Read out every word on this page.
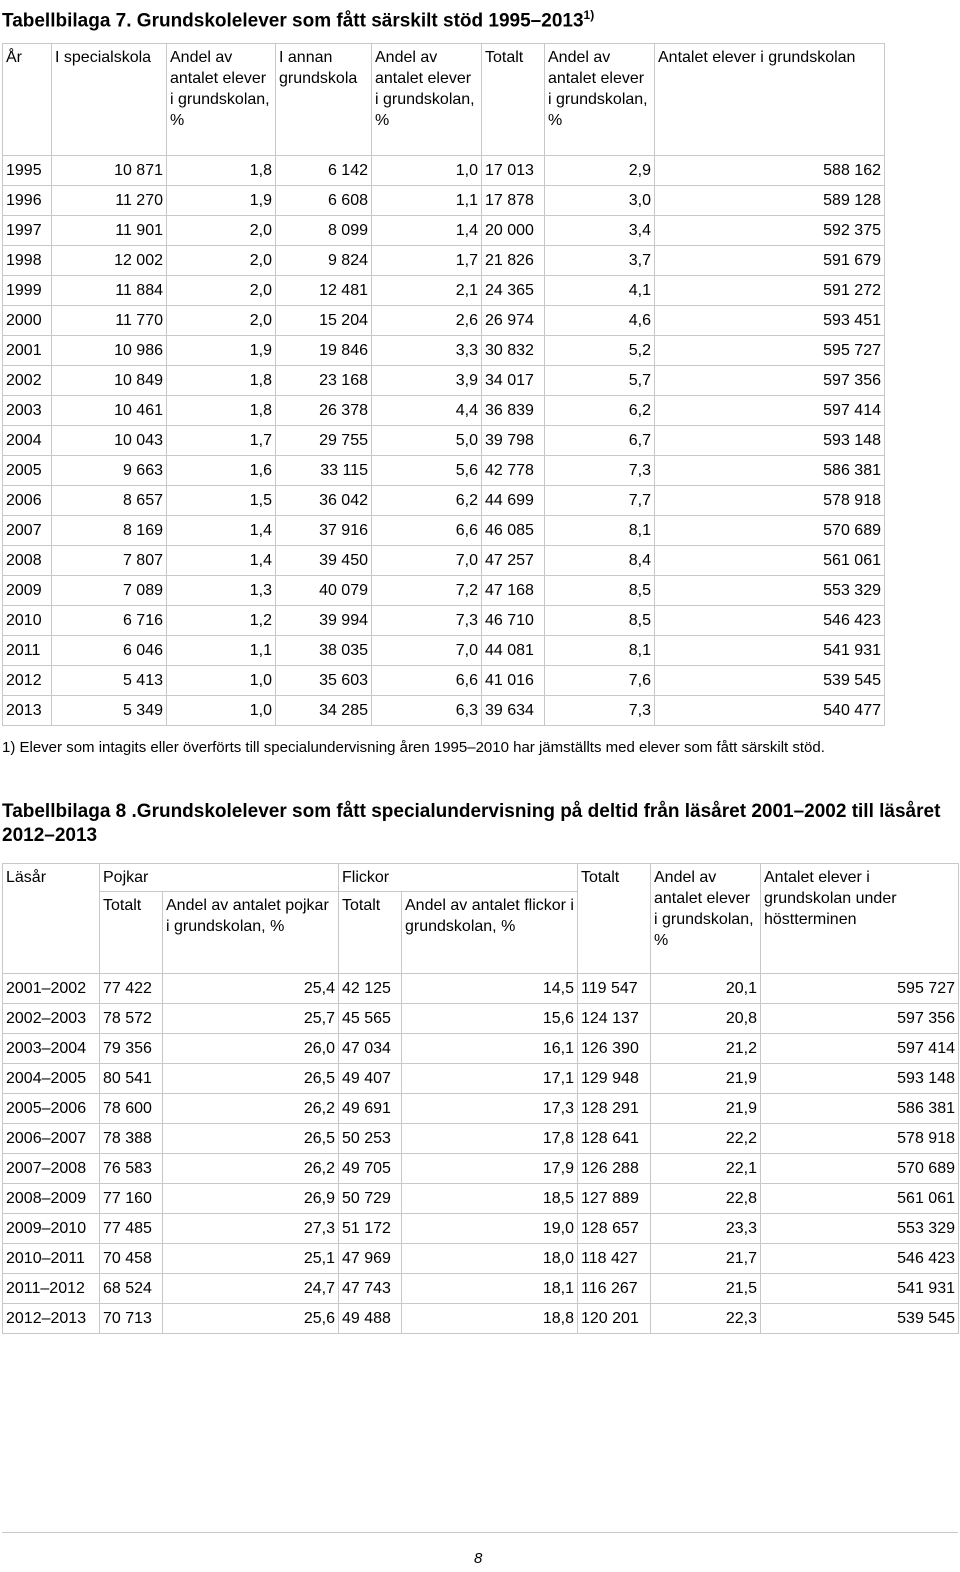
Tabellbilaga 7. Grundskolelever som fått särskilt stöd 1995–2013$^{1)}$
År	I specialskola	Andel av antalet elever i grundskolan, %	I annan grundskola	Andel av antalet elever i grundskolan, %	Totalt	Andel av antalet elever i grundskolan, %	Antalet elever i grundskolan
1995	10 871	1,8	6 142	1,0	17 013	2,9	588 162
1996	11 270	1,9	6 608	1,1	17 878	3,0	589 128
1997	11 901	2,0	8 099	1,4	20 000	3,4	592 375
1998	12 002	2,0	9 824	1,7	21 826	3,7	591 679
1999	11 884	2,0	12 481	2,1	24 365	4,1	591 272
2000	11 770	2,0	15 204	2,6	26 974	4,6	593 451
2001	10 986	1,9	19 846	3,3	30 832	5,2	595 727
2002	10 849	1,8	23 168	3,9	34 017	5,7	597 356
2003	10 461	1,8	26 378	4,4	36 839	6,2	597 414
2004	10 043	1,7	29 755	5,0	39 798	6,7	593 148
2005	9 663	1,6	33 115	5,6	42 778	7,3	586 381
2006	8 657	1,5	36 042	6,2	44 699	7,7	578 918
2007	8 169	1,4	37 916	6,6	46 085	8,1	570 689
2008	7 807	1,4	39 450	7,0	47 257	8,4	561 061
2009	7 089	1,3	40 079	7,2	47 168	8,5	553 329
2010	6 716	1,2	39 994	7,3	46 710	8,5	546 423
2011	6 046	1,1	38 035	7,0	44 081	8,1	541 931
2012	5 413	1,0	35 603	6,6	41 016	7,6	539 545
2013	5 349	1,0	34 285	6,3	39 634	7,3	540 477
1) Elever som intagits eller överförts till specialundervisning åren 1995–2010 har jämställts med elever som fått särskilt stöd.
Tabellbilaga 8 .Grundskolelever som fått specialundervisning på deltid från läsåret 2001–2002 till läsåret 2012–2013
Läsår	Pojkar		Flickor		Totalt	Andel av antalet elever i grundskolan, %	Antalet elever i grundskolan under höstterminen
	Totalt	Andel av antalet pojkar i grundskolan, %	Totalt	Andel av antalet flickor i grundskolan, %			
2001–2002	77 422	25,4	42 125	14,5	119 547	20,1	595 727
2002–2003	78 572	25,7	45 565	15,6	124 137	20,8	597 356
2003–2004	79 356	26,0	47 034	16,1	126 390	21,2	597 414
2004–2005	80 541	26,5	49 407	17,1	129 948	21,9	593 148
2005–2006	78 600	26,2	49 691	17,3	128 291	21,9	586 381
2006–2007	78 388	26,5	50 253	17,8	128 641	22,2	578 918
2007–2008	76 583	26,2	49 705	17,9	126 288	22,1	570 689
2008–2009	77 160	26,9	50 729	18,5	127 889	22,8	561 061
2009–2010	77 485	27,3	51 172	19,0	128 657	23,3	553 329
2010–2011	70 458	25,1	47 969	18,0	118 427	21,7	546 423
2011–2012	68 524	24,7	47 743	18,1	116 267	21,5	541 931
2012–2013	70 713	25,6	49 488	18,8	120 201	22,3	539 545
8
